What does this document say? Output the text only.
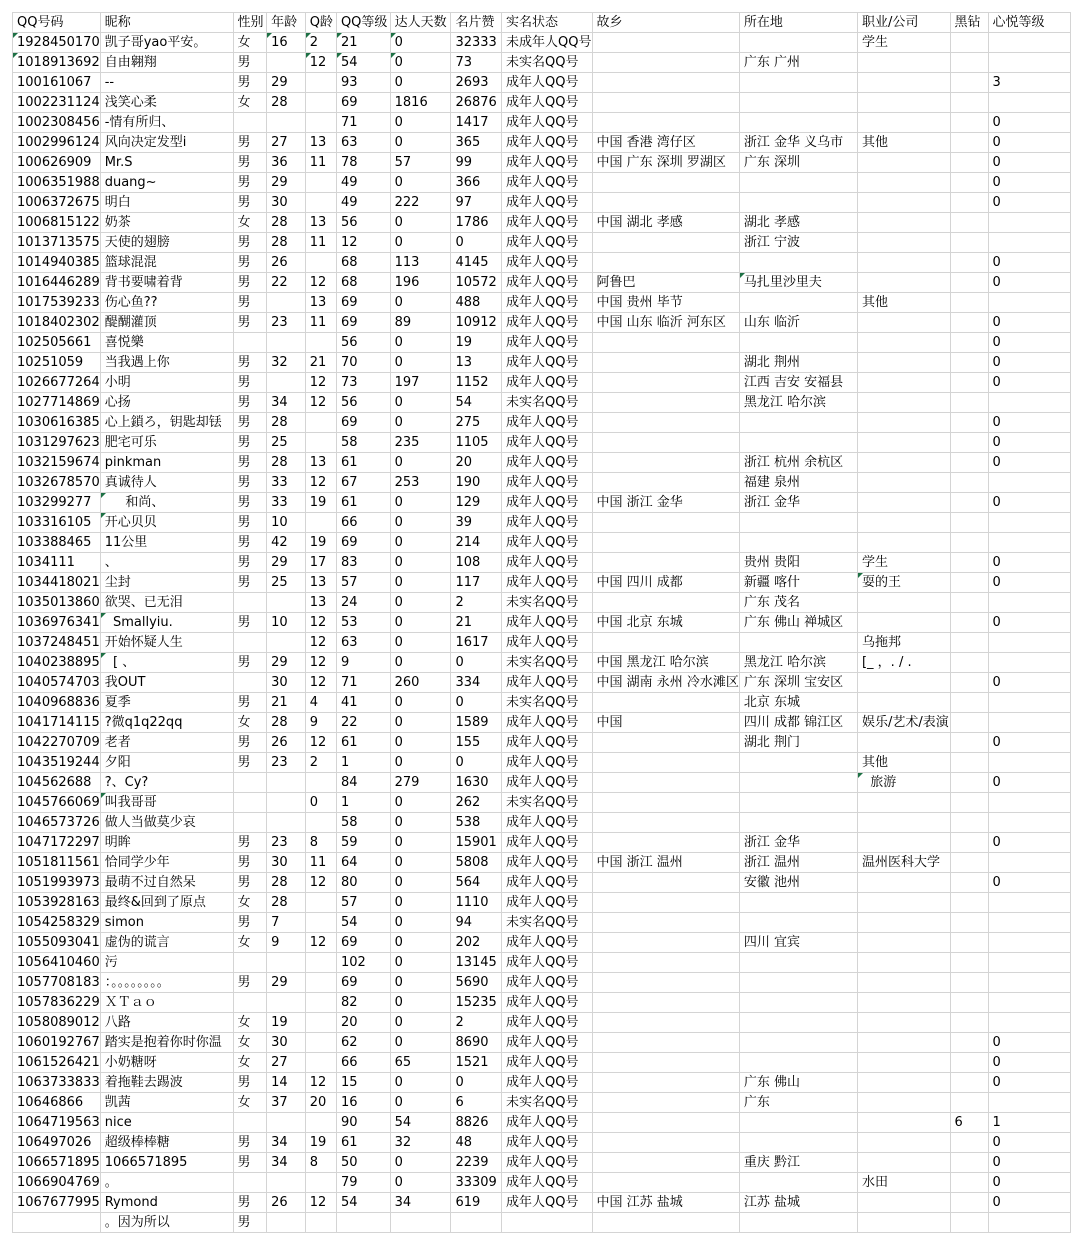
QQ号码	昵称	性别	年龄	Q龄	QQ等级	达人天数	名片赞	实名状态	故乡	所在地	职业/公司	黑钻	心悦等级
1928450170	凯子哥yao平安。	女	16	2	21	0	32333	未成年人QQ号			学生		
1018913692	自由翱翔	男		12	54	0	73	未实名QQ号		广东 广州			
100161067	--	男	29		93	0	2693	成年人QQ号					3
1002231124	浅笑心柔	女	28		69	1816	26876	成年人QQ号					
1002308456	-情有所归、				71	0	1417	成年人QQ号					0
1002996124	风向决定发型i	男	27	13	63	0	365	成年人QQ号	中国 香港 湾仔区	浙江 金华 义乌市	其他		0
100626909	Mr.S	男	36	11	78	57	99	成年人QQ号	中国 广东 深圳 罗湖区	广东 深圳			0
1006351988	duang~	男	29		49	0	366	成年人QQ号					0
1006372675	明白	男	30		49	222	97	成年人QQ号					0
1006815122	奶茶	女	28	13	56	0	1786	成年人QQ号	中国 湖北 孝感	湖北 孝感			
1013713575	天使的翅膀	男	28	11	12	0	0	成年人QQ号		浙江 宁波			
1014940385	篮球混混	男	26		68	113	4145	成年人QQ号					0
1016446289	背书要啸着背	男	22	12	68	196	10572	成年人QQ号	阿鲁巴	马扎里沙里夫			0
1017539233	伤心鱼??	男		13	69	0	488	成年人QQ号	中国 贵州 毕节		其他		
1018402302	醍醐灌顶	男	23	11	69	89	10912	成年人QQ号	中国 山东 临沂 河东区	山东 临沂			0
102505661	喜悦樂				56	0	19	成年人QQ号					0
10251059	当我遇上你	男	32	21	70	0	13	成年人QQ号		湖北 荆州			0
1026677264	小明	男		12	73	197	1152	成年人QQ号		江西 吉安 安福县			0
1027714869	心扬	男	34	12	56	0	54	未实名QQ号		黑龙江 哈尔滨			
1030616385	心上鎖ろ，钥匙却铥	男	28		69	0	275	成年人QQ号					0
1031297623	肥宅可乐	男	25		58	235	1105	成年人QQ号					0
1032159674	pinkman	男	28	13	61	0	20	成年人QQ号		浙江 杭州 余杭区			0
1032678570	真诚待人	男	33	12	67	253	190	成年人QQ号		福建 泉州			
103299277	和尚、	男	33	19	61	0	129	成年人QQ号	中国 浙江 金华	浙江 金华			0
103316105	开心贝贝	男	10		66	0	39	成年人QQ号					
103388465	11公里	男	42	19	69	0	214	成年人QQ号					
1034111	、	男	29	17	83	0	108	成年人QQ号		贵州 贵阳	学生		0
1034418021	尘封	男	25	13	57	0	117	成年人QQ号	中国 四川 成都	新疆 喀什	耍的王		0
1035013860	欲哭、已无泪			13	24	0	2	未实名QQ号		广东 茂名			
1036976341	Smallyiu.	男	10	12	53	0	21	成年人QQ号	中国 北京 东城	广东 佛山 禅城区			0
1037248451	开始怀疑人生			12	63	0	1617	成年人QQ号			乌拖邦		
1040238895	[ 、	男	29	12	9	0	0	未实名QQ号	中国 黑龙江 哈尔滨	黑龙江 哈尔滨	[_ ，. / .		
1040574703	我OUT		30	12	71	260	334	成年人QQ号	中国 湖南 永州 冷水滩区	广东 深圳 宝安区			0
1040968836	夏季	男	21	4	41	0	0	未实名QQ号		北京 东城			
1041714115	?微q1q22qq	女	28	9	22	0	1589	成年人QQ号	中国	四川 成都 锦江区	娱乐/艺术/表演		
1042270709	老者	男	26	12	61	0	155	成年人QQ号		湖北 荆门			0
1043519244	夕阳	男	23	2	1	0	0	成年人QQ号			其他		
104562688	?、Cy?				84	279	1630	成年人QQ号			旅游		0
1045766069	叫我哥哥			0	1	0	262	未实名QQ号					
1046573726	做人当做莫少哀				58	0	538	成年人QQ号					
1047172297	明眸	男	23	8	59	0	15901	成年人QQ号		浙江 金华			0
1051811561	恰同学少年	男	30	11	64	0	5808	成年人QQ号	中国 浙江 温州	浙江 温州	温州医科大学		
1051993973	最萌不过自然呆	男	28	12	80	0	564	成年人QQ号		安徽 池州			0
1053928163	最终&回到了原点	女	28		57	0	1110	成年人QQ号					
1054258329	simon	男	7		54	0	94	未实名QQ号					
1055093041	虚伪的谎言	女	9	12	69	0	202	成年人QQ号		四川 宜宾			
1056410460	污				102	0	13145	成年人QQ号					
1057708183	：。。。。。。。。	男	29		69	0	5690	成年人QQ号					
1057836229	ＸＴａｏ				82	0	15235	成年人QQ号					
1058089012	八路	女	19		20	0	2	成年人QQ号					
1060192767	踏实是抱着你时你温	女	30		62	0	8690	成年人QQ号					0
1061526421	小奶糖呀	女	27		66	65	1521	成年人QQ号					0
1063733833	着拖鞋去踢波	男	14	12	15	0	0	成年人QQ号		广东 佛山			0
10646866	凯茜	女	37	20	16	0	6	未实名QQ号		广东			
1064719563	nice				90	54	8826	成年人QQ号				6	1
106497026	超级棒棒糖	男	34	19	61	32	48	成年人QQ号					0
1066571895	1066571895	男	34	8	50	0	2239	成年人QQ号		重庆 黔江			0
1066904769	。				79	0	33309	成年人QQ号			水田		0
1067677995	Rymond	男	26	12	54	34	619	成年人QQ号	中国 江苏 盐城	江苏 盐城			0
	。因为所以	男											
